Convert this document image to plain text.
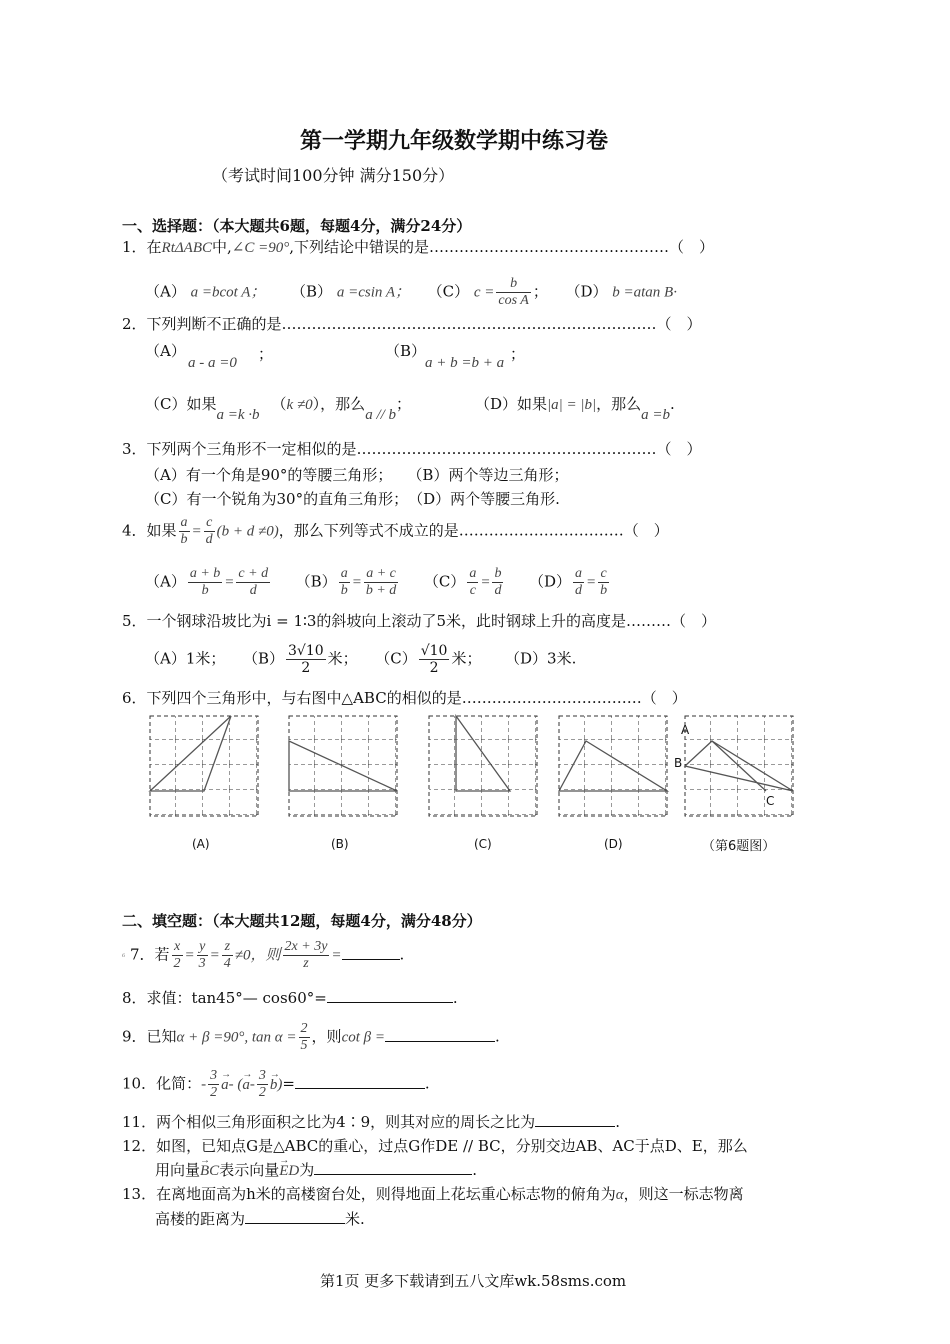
第一学期九年级数学期中练习卷
（考试时间100分钟 满分150分）
一、选择题：（本大题共6题，每题4分，满分24分）
1．在RtΔABC中,∠C =90°,下列结论中错误的是…………………………………………（　）
（A） a =bcot A； （B） a =csin A； （C） $c = \frac{b}{\text{cos A}}$ ； （D） b =atan B·
2．下列判断不正确的是…………………………………………………………………（　）
（A）
a - a =0 ；	（B）
a + b =b + a ；
（C）如果a =k ·b（k ≠0），那么a // b；	（D）如果|a| = |b|，那么a =b.
3．下列两个三角形不一定相似的是……………………………………………………（　）
（A）有一个角是90°的等腰三角形；　　（B）两个等边三角形；
（C）有一个锐角为30°的直角三角形；　（D）两个等腰三角形.
4．如果 $\frac{a}{b} = \frac{c}{d} (b + d \ne 0)$，那么下列等式不成立的是……………………………（　）
$(A) \frac{a + b}{b} = \frac{c + d}{d} (B) \frac{a}{b} = \frac{a + c}{b + d} (C) \frac{a}{c} = \frac{b}{d} (D) \frac{a}{d} = \frac{c}{b}$
5．一个钢球沿坡比为i = 1∶3的斜坡向上滚动了5米，此时钢球上升的高度是………（　）
（A）1米； $(B) \frac{3√10}{2}$ 米； $(C) \frac{√10}{2}$ 米； （D）3米.
6．下列四个三角形中，与右图中△ABC的相似的是………………………………（　）
A
B
C
(A)	(B)	(C)	(D)	（第6题图）
二、填空题：（本大题共12题，每题4分，满分48分）
⁶ 7．若 $\frac{x}{2} = \frac{y}{3} = \frac{z}{4} \ne 0$，则 $\frac{2x + 3y}{z}$ =	.
8．求值：tan45°— cos60°=	.
9．已知α + β =90°, $\tan \alpha = \frac{2}{5}$ ，则cot β =	.
10．化简：- $\frac{3}{2}$
→ a- (→ $a- \frac{3}{2}$
→ b)=	.
11．两个相似三角形面积之比为4∶9，则其对应的周长之比为	.
12．如图，已知点G是△ABC的重心，过点G作DE // BC，分别交边AB、AC于点D、E，那么
用向量→ BC表示向量→ ED为	.
13．在离地面高为h米的高楼窗台处，则得地面上花坛重心标志物的俯角为α，则这一标志物离
高楼的距离为	米.
第1页 更多下载请到五八文库wk.58sms.com
